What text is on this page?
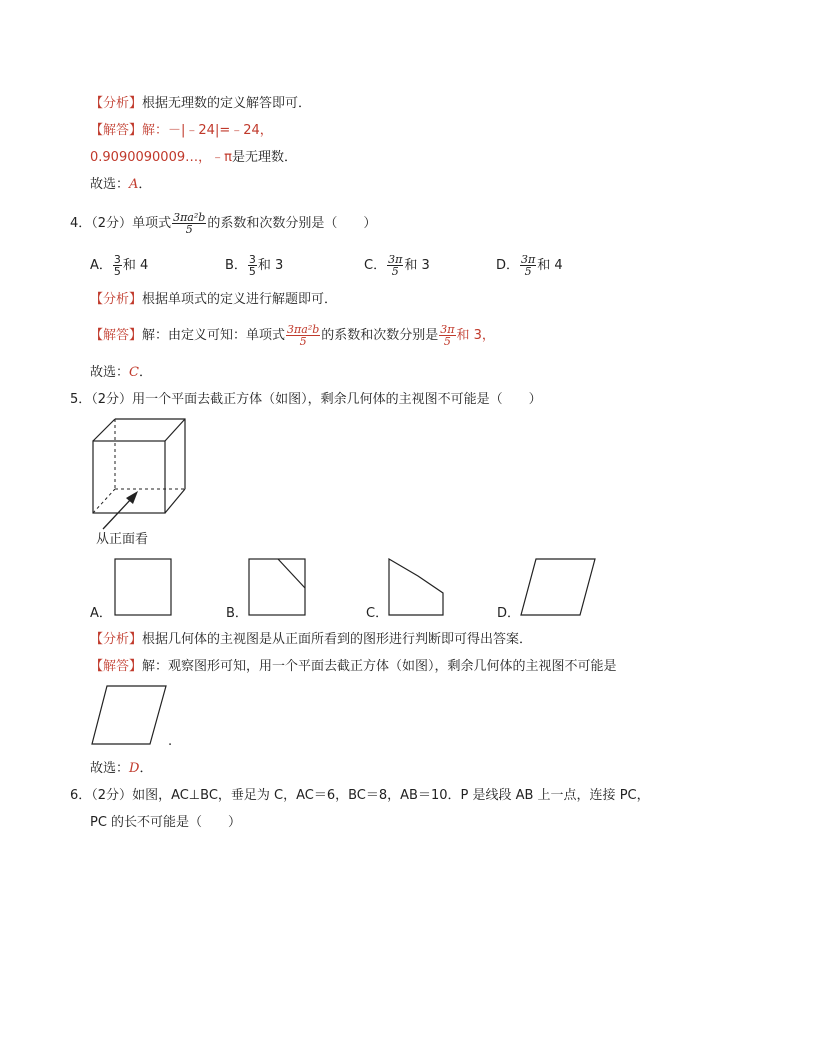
【分析】根据无理数的定义解答即可．
【解答】解：－|﹣24|=﹣24，
0.9090090009…，﹣π是无理数．
故选：A．
4．（2分）单项式 $\frac{\text{3πa²b}}{5}$ 的系数和次数分别是（　　）
A． $\frac{3}{5}$ 和 4	B． $\frac{3}{5}$ 和 3	C． $\frac{3\pi}{5}$ 和 3	D． $\frac{3\pi}{5}$ 和 4
【分析】根据单项式的定义进行解题即可．
【解答】解：由定义可知：单项式 $\frac{\text{3πa²b}}{5}$ 的系数和次数分别是 $\frac{3\pi}{5}$ 和 3，
故选：C．
5．（2分）用一个平面去截正方体（如图），剩余几何体的主视图不可能是（　　）
从正面看
A．	B．	C．	D．
【分析】根据几何体的主视图是从正面所看到的图形进行判断即可得出答案．
【解答】解：观察图形可知，用一个平面去截正方体（如图），剩余几何体的主视图不可能是
.
故选：D．
6．（2分）如图，AC⊥BC，垂足为 C，AC＝6，BC＝8，AB＝10．P 是线段 AB 上一点，连接 PC，
PC 的长不可能是（　　）
